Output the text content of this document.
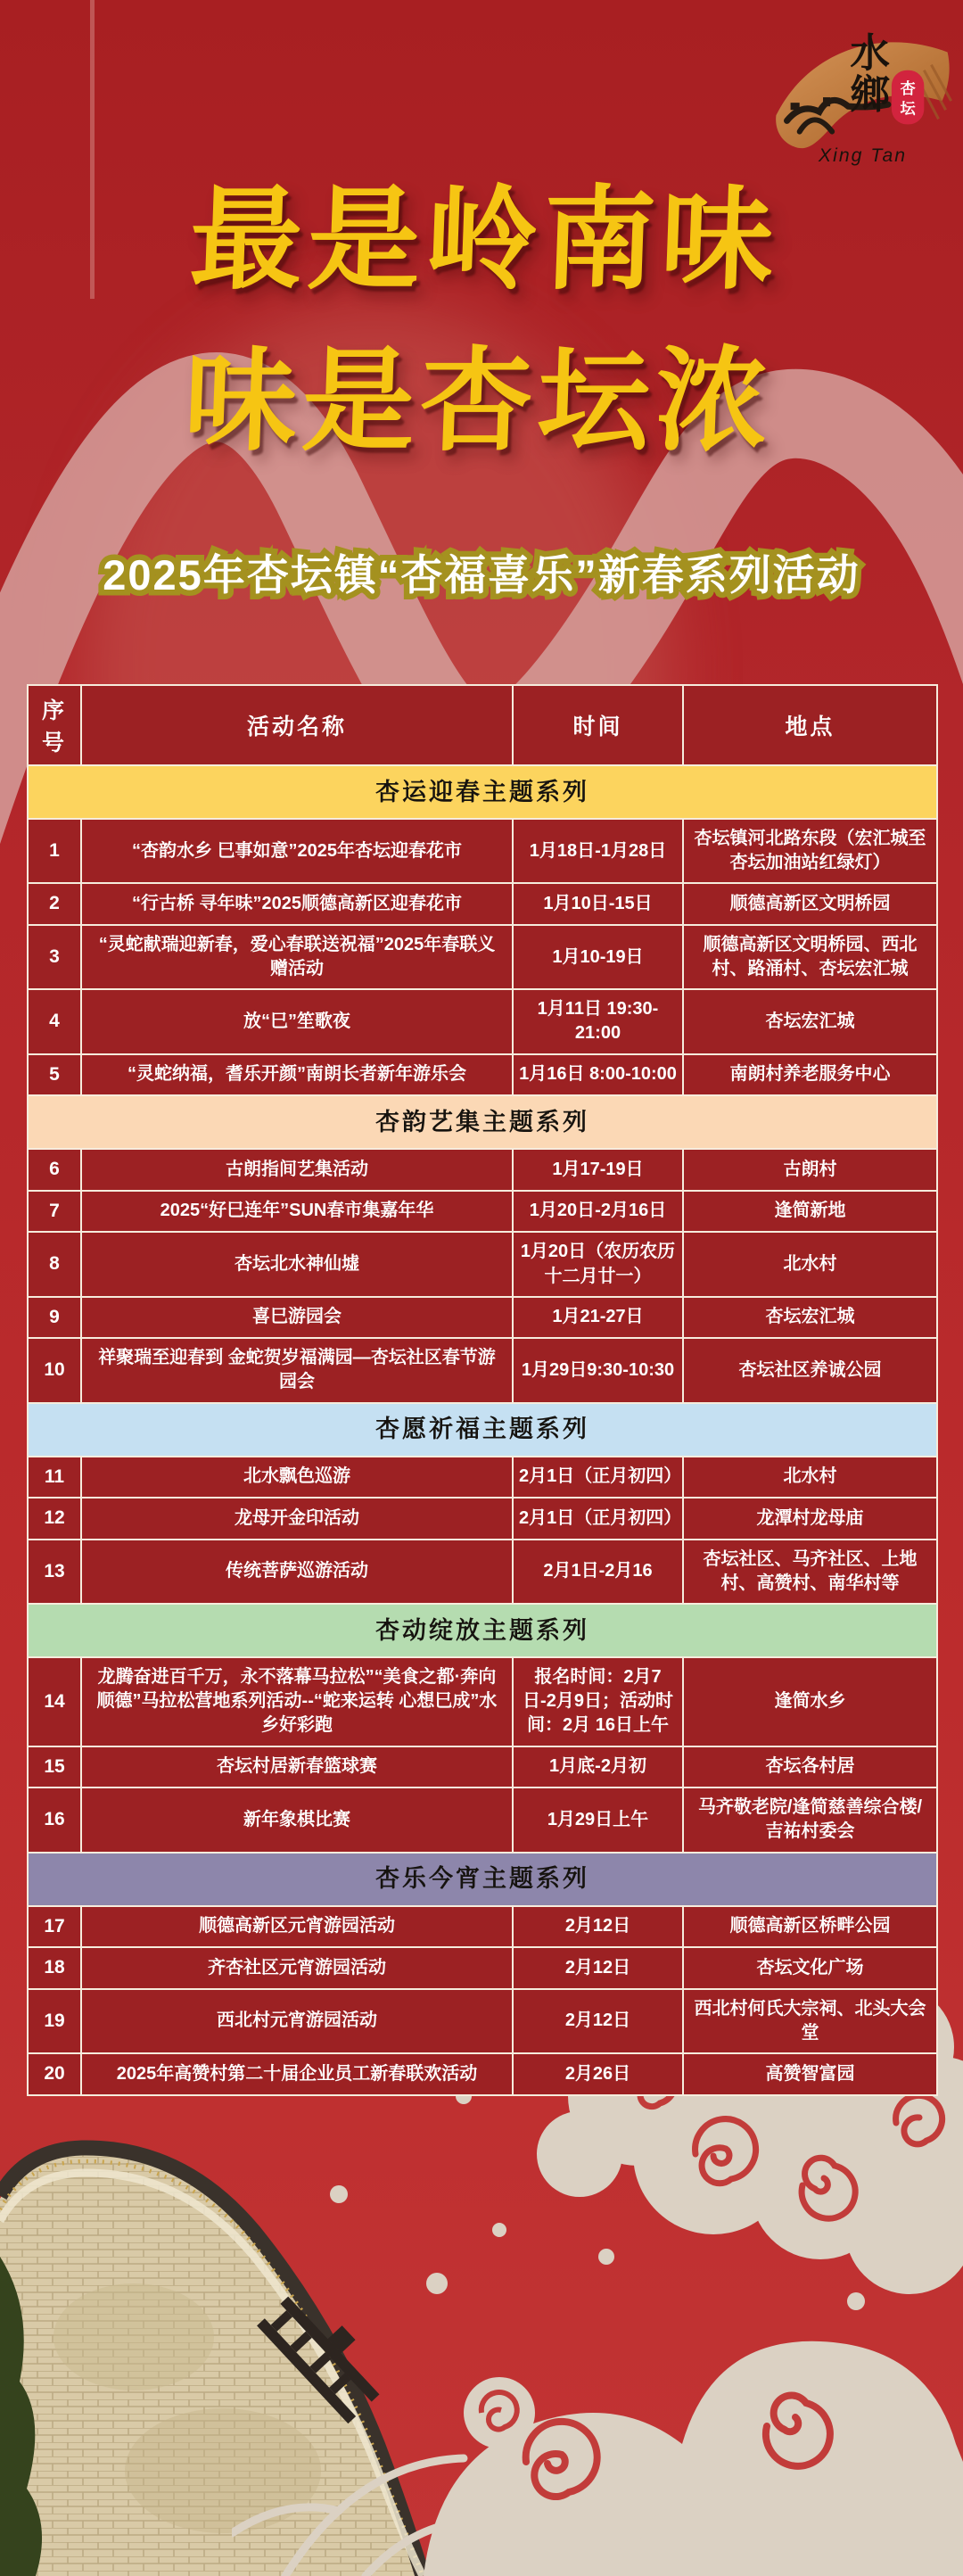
水
鄉 杏
坛
Xing Tan
最是岭南味
味是杏坛浓
2025年杏坛镇“杏福喜乐”新春系列活动 2025年杏坛镇“杏福喜乐”新春系列活动
序号	活动名称	时间	地点
杏运迎春主题系列			
1	“杏韵水乡 巳事如意”2025年杏坛迎春花市	1月18日-1月28日	杏坛镇河北路东段（宏汇城至杏坛加油站红绿灯）
2	“行古桥 寻年味”2025顺德高新区迎春花市	1月10日-15日	顺德高新区文明桥园
3	“灵蛇献瑞迎新春，爱心春联送祝福”2025年春联义赠活动	1月10-19日	顺德高新区文明桥园、西北村、路涌村、杏坛宏汇城
4	放“巳”笙歌夜	1月11日 19:30-21:00	杏坛宏汇城
5	“灵蛇纳福，耆乐开颜”南朗长者新年游乐会	1月16日 8:00-10:00	南朗村养老服务中心
杏韵艺集主题系列			
6	古朗指间艺集活动	1月17-19日	古朗村
7	2025“好巳连年”SUN春市集嘉年华	1月20日-2月16日	逢简新地
8	杏坛北水神仙墟	1月20日（农历农历十二月廿一）	北水村
9	喜巳游园会	1月21-27日	杏坛宏汇城
10	祥聚瑞至迎春到 金蛇贺岁福满园—杏坛社区春节游园会	1月29日9:30-10:30	杏坛社区养诚公园
杏愿祈福主题系列			
11	北水飘色巡游	2月1日（正月初四）	北水村
12	龙母开金印活动	2月1日（正月初四）	龙潭村龙母庙
13	传统菩萨巡游活动	2月1日-2月16	杏坛社区、马齐社区、上地村、高赞村、南华村等
杏动绽放主题系列			
14	龙腾奋进百千万，永不落幕马拉松”“美食之都·奔向顺德”马拉松营地系列活动--“蛇来运转 心想巳成”水乡好彩跑	报名时间：2月7日-2月9日；活动时间：2月 16日上午	逢简水乡
15	杏坛村居新春篮球赛	1月底-2月初	杏坛各村居
16	新年象棋比赛	1月29日上午	马齐敬老院/逢简慈善综合楼/吉祐村委会
杏乐今宵主题系列			
17	顺德高新区元宵游园活动	2月12日	顺德高新区桥畔公园
18	齐杏社区元宵游园活动	2月12日	杏坛文化广场
19	西北村元宵游园活动	2月12日	西北村何氏大宗祠、北头大会堂
20	2025年高赞村第二十届企业员工新春联欢活动	2月26日	高赞智富园
